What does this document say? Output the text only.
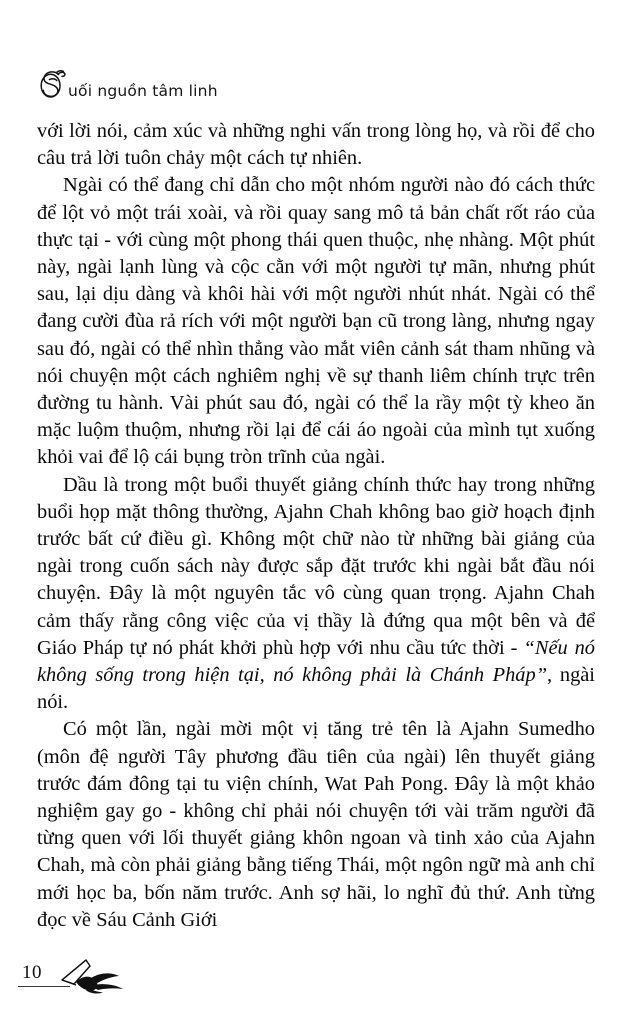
uối nguồn tâm linh

với lời nói, cảm xúc và những nghi vấn trong lòng họ, và rồi để cho câu trả lời tuôn chảy một cách tự nhiên.

Ngài có thể đang chỉ dẫn cho một nhóm người nào đó cách thức để lột vỏ một trái xoài, và rồi quay sang mô tả bản chất rốt ráo của thực tại - với cùng một phong thái quen thuộc, nhẹ nhàng. Một phút này, ngài lạnh lùng và cộc cằn với một người tự mãn, nhưng phút sau, lại dịu dàng và khôi hài với một người nhút nhát. Ngài có thể đang cười đùa rả rích với một người bạn cũ trong làng, nhưng ngay sau đó, ngài có thể nhìn thẳng vào mắt viên cảnh sát tham nhũng và nói chuyện một cách nghiêm nghị về sự thanh liêm chính trực trên đường tu hành. Vài phút sau đó, ngài có thể la rầy một tỳ kheo ăn mặc luộm thuộm, nhưng rồi lại để cái áo ngoài của mình tụt xuống khỏi vai để lộ cái bụng tròn trĩnh của ngài.

Dầu là trong một buổi thuyết giảng chính thức hay trong những buổi họp mặt thông thường, Ajahn Chah không bao giờ hoạch định trước bất cứ điều gì. Không một chữ nào từ những bài giảng của ngài trong cuốn sách này được sắp đặt trước khi ngài bắt đầu nói chuyện. Đây là một nguyên tắc vô cùng quan trọng. Ajahn Chah cảm thấy rằng công việc của vị thầy là đứng qua một bên và để Giáo Pháp tự nó phát khởi phù hợp với nhu cầu tức thời - “Nếu nó không sống trong hiện tại, nó không phải là Chánh Pháp”, ngài nói.

Có một lần, ngài mời một vị tăng trẻ tên là Ajahn Sumedho (môn đệ người Tây phương đầu tiên của ngài) lên thuyết giảng trước đám đông tại tu viện chính, Wat Pah Pong. Đây là một khảo nghiệm gay go - không chỉ phải nói chuyện tới vài trăm người đã từng quen với lối thuyết giảng khôn ngoan và tinh xảo của Ajahn Chah, mà còn phải giảng bằng tiếng Thái, một ngôn ngữ mà anh chỉ mới học ba, bốn năm trước. Anh sợ hãi, lo nghĩ đủ thứ. Anh từng đọc về Sáu Cảnh Giới

10
